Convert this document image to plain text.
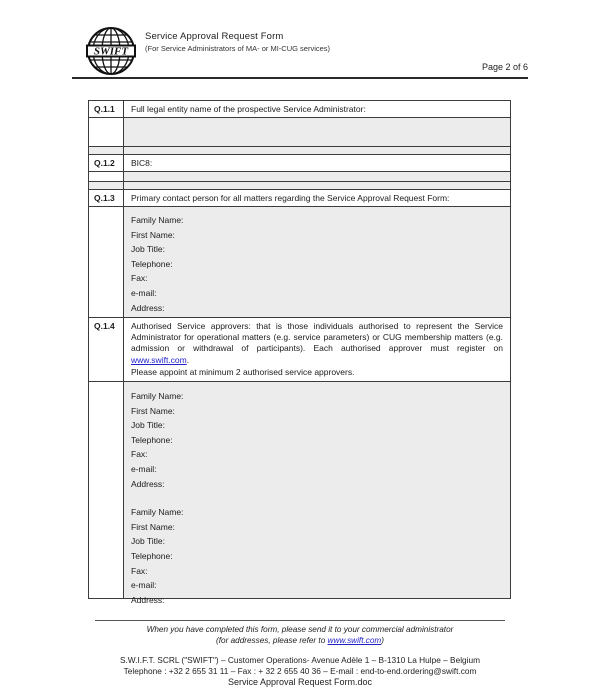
SWIFT
Service Approval Request Form
(For Service Administrators of MA- or MI-CUG services)
Page 2 of 6
Q.1.1	Full legal entity name of the prospective Service Administrator:
Q.1.2	BIC8:
Q.1.3	Primary contact person for all matters regarding the Service Approval Request Form:
Family Name:
First Name:
Job Title:
Telephone:
Fax:
e-mail:
Address:
Q.1.4	Authorised Service approvers: that is those individuals authorised to represent the Service Administrator for operational matters (e.g. service parameters) or CUG membership matters (e.g. admission or withdrawal of participants). Each authorised approver must register on www.swift.com.
Please appoint at minimum 2 authorised service approvers.
Family Name:
First Name:
Job Title:
Telephone:
Fax:
e-mail:
Address:
Family Name:
First Name:
Job Title:
Telephone:
Fax:
e-mail:
Address:
When you have completed this form, please send it to your commercial administrator
(for addresses, please refer to www.swift.com)
S.W.I.F.T. SCRL ("SWIFT") – Customer Operations- Avenue Adèle 1 – B-1310 La Hulpe – Belgium
Telephone : +32 2 655 31 11 – Fax : + 32 2 655 40 36 – E-mail : end-to-end.ordering@swift.com
Service Approval Request Form.doc
